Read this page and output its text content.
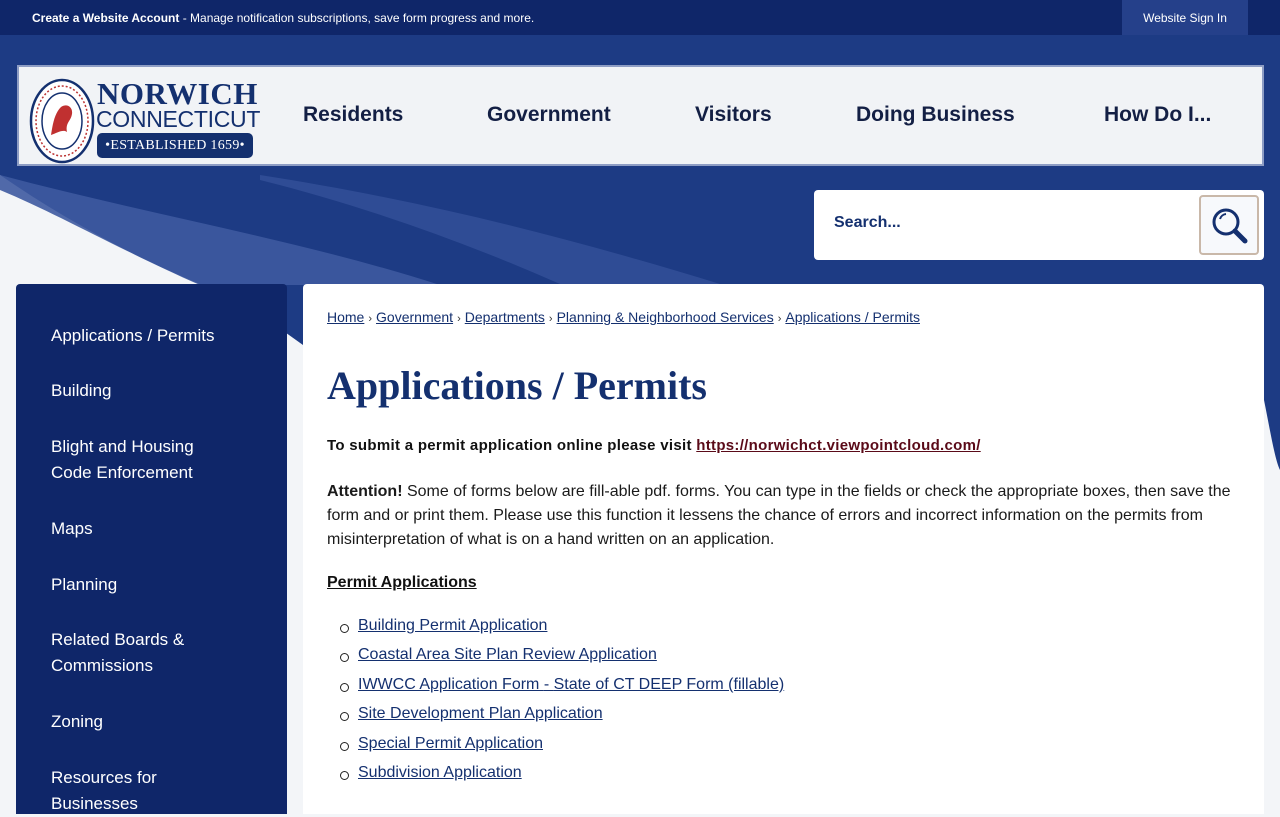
Create a Website Account - Manage notification subscriptions, save form progress and more.	Website Sign In
NORWICH
CONNECTICUT
•ESTABLISHED 1659•
Residents	Government	Visitors	Doing Business	How Do I...
Search...
Applications / Permits
Building
Blight and Housing Code Enforcement
Maps
Planning
Related Boards & Commissions
Zoning
Resources for Businesses
Home › Government › Departments › Planning & Neighborhood Services › Applications / Permits
Applications / Permits
To submit a permit application online please visit https://norwichct.viewpointcloud.com/

Attention! Some of forms below are fill-able pdf. forms. You can type in the fields or check the appropriate boxes, then save the form and or print them. Please use this function it lessens the chance of errors and incorrect information on the permits from misinterpretation of what is on a hand written on an application.

Permit Applications
Building Permit Application
Coastal Area Site Plan Review Application
IWWCC Application Form - State of CT DEEP Form (fillable)
Site Development Plan Application
Special Permit Application
Subdivision Application
